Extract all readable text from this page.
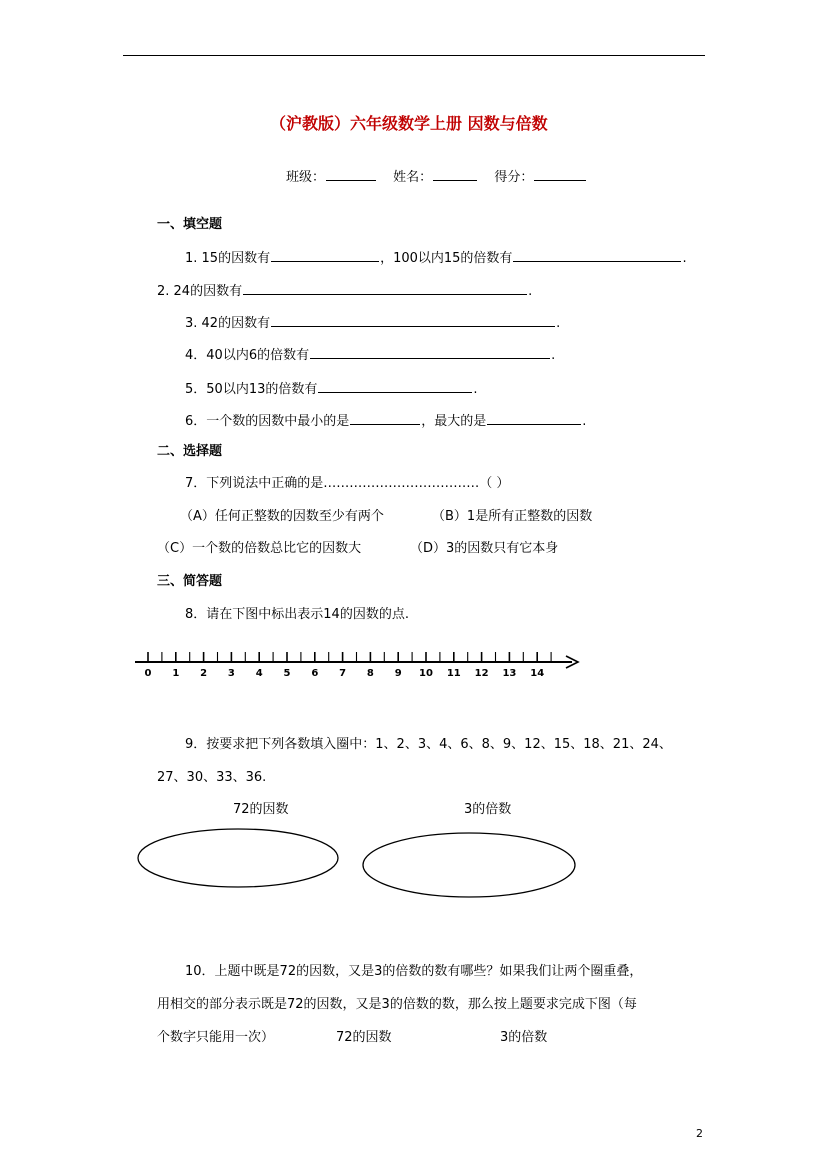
（沪教版）六年级数学上册 因数与倍数
班级：	姓名：	得分：
一、填空题
1. 15的因数有	，100以内15的倍数有	.
2. 24的因数有	.
3. 42的因数有	.
4．40以内6的倍数有	.
5．50以内13的倍数有	.
6．一个数的因数中最小的是	，最大的是	.
二、选择题
7．下列说法中正确的是………………………………（ ）
（A）任何正整数的因数至少有两个	（B）1是所有正整数的因数
（C）一个数的倍数总比它的因数大	（D）3的因数只有它本身
三、简答题
8．请在下图中标出表示14的因数的点.
0 1 2 3 4 5 6 7 8 9 10 11 12 13 14
9．按要求把下列各数填入圈中：1、2、3、4、6、8、9、12、15、18、21、24、
27、30、33、36.
72的因数	3的倍数
10．上题中既是72的因数，又是3的倍数的数有哪些？如果我们让两个圈重叠，
用相交的部分表示既是72的因数，又是3的倍数的数，那么按上题要求完成下图（每
个数字只能用一次）	72的因数	3的倍数
2
